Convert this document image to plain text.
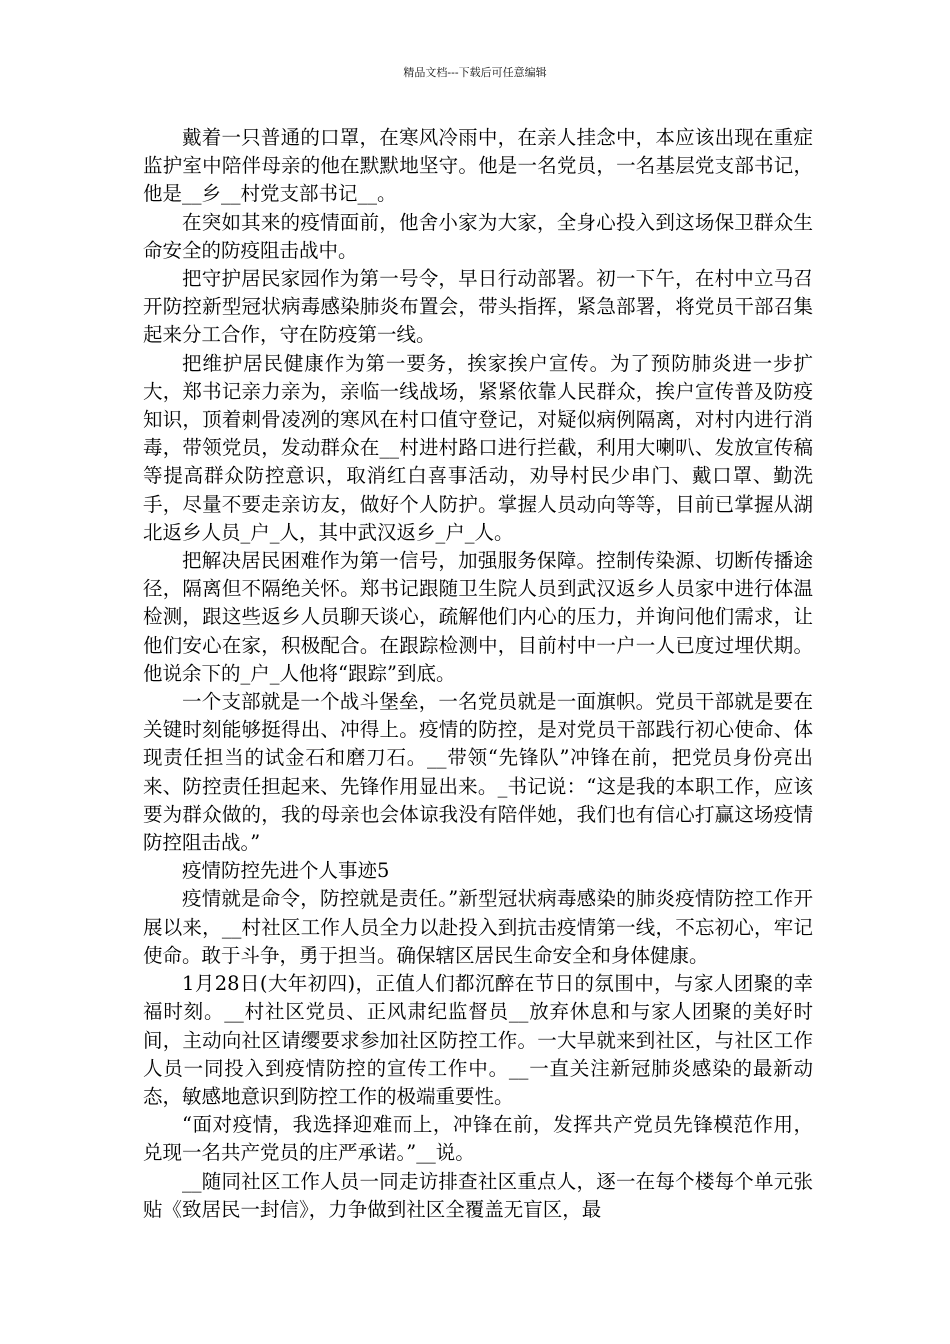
精品文档---下载后可任意编辑

戴着一只普通的口罩，在寒风冷雨中，在亲人挂念中，本应该出现在重症监护室中陪伴母亲的他在默默地坚守。他是一名党员，一名基层党支部书记，他是__乡__村党支部书记__。

在突如其来的疫情面前，他舍小家为大家，全身心投入到这场保卫群众生命安全的防疫阻击战中。

把守护居民家园作为第一号令，早日行动部署。初一下午，在村中立马召开防控新型冠状病毒感染肺炎布置会，带头指挥，紧急部署，将党员干部召集起来分工合作，守在防疫第一线。

把维护居民健康作为第一要务，挨家挨户宣传。为了预防肺炎进一步扩大，郑书记亲力亲为，亲临一线战场，紧紧依靠人民群众，挨户宣传普及防疫知识，顶着刺骨凌冽的寒风在村口值守登记，对疑似病例隔离，对村内进行消毒，带领党员，发动群众在__村进村路口进行拦截，利用大喇叭、发放宣传稿等提高群众防控意识，取消红白喜事活动，劝导村民少串门、戴口罩、勤洗手，尽量不要走亲访友，做好个人防护。掌握人员动向等等，目前已掌握从湖北返乡人员_户_人，其中武汉返乡_户_人。

把解决居民困难作为第一信号，加强服务保障。控制传染源、切断传播途径，隔离但不隔绝关怀。郑书记跟随卫生院人员到武汉返乡人员家中进行体温检测，跟这些返乡人员聊天谈心，疏解他们内心的压力，并询问他们需求，让他们安心在家，积极配合。在跟踪检测中，目前村中一户一人已度过埋伏期。他说余下的_户_人他将“跟踪”到底。

一个支部就是一个战斗堡垒，一名党员就是一面旗帜。党员干部就是要在关键时刻能够挺得出、冲得上。疫情的防控，是对党员干部践行初心使命、体现责任担当的试金石和磨刀石。__带领“先锋队”冲锋在前，把党员身份亮出来、防控责任担起来、先锋作用显出来。_书记说：“这是我的本职工作，应该要为群众做的，我的母亲也会体谅我没有陪伴她，我们也有信心打赢这场疫情防控阻击战。”

疫情防控先进个人事迹5

疫情就是命令，防控就是责任。”新型冠状病毒感染的肺炎疫情防控工作开展以来，__村社区工作人员全力以赴投入到抗击疫情第一线，不忘初心，牢记使命。敢于斗争，勇于担当。确保辖区居民生命安全和身体健康。

1月28日(大年初四)，正值人们都沉醉在节日的氛围中，与家人团聚的幸福时刻。__村社区党员、正风肃纪监督员__放弃休息和与家人团聚的美好时间，主动向社区请缨要求参加社区防控工作。一大早就来到社区，与社区工作人员一同投入到疫情防控的宣传工作中。__一直关注新冠肺炎感染的最新动态，敏感地意识到防控工作的极端重要性。

“面对疫情，我选择迎难而上，冲锋在前，发挥共产党员先锋模范作用，兑现一名共产党员的庄严承诺。”__说。

__随同社区工作人员一同走访排查社区重点人，逐一在每个楼每个单元张贴《致居民一封信》，力争做到社区全覆盖无盲区，最
